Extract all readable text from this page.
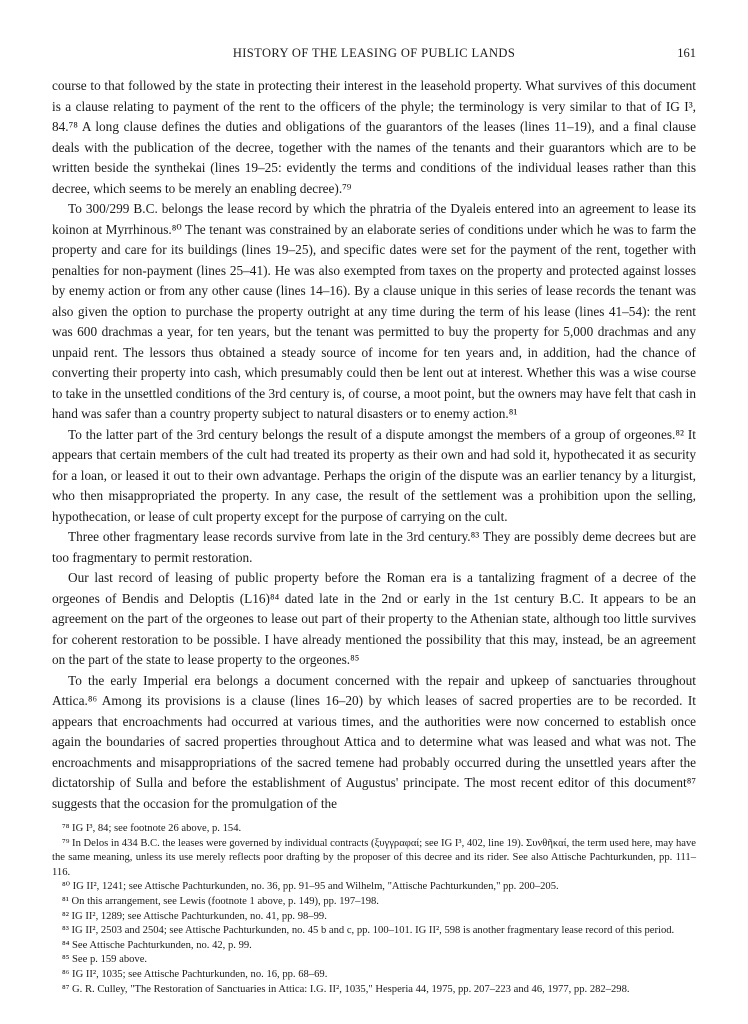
HISTORY OF THE LEASING OF PUBLIC LANDS	161

course to that followed by the state in protecting their interest in the leasehold property. What survives of this document is a clause relating to payment of the rent to the officers of the phyle; the terminology is very similar to that of IG I³, 84.⁷⁸ A long clause defines the duties and obligations of the guarantors of the leases (lines 11–19), and a final clause deals with the publication of the decree, together with the names of the tenants and their guarantors which are to be written beside the synthekai (lines 19–25: evidently the terms and conditions of the individual leases rather than this decree, which seems to be merely an enabling decree).⁷⁹

To 300/299 B.C. belongs the lease record by which the phratria of the Dyaleis entered into an agreement to lease its koinon at Myrrhinous.⁸⁰ The tenant was constrained by an elaborate series of conditions under which he was to farm the property and care for its buildings (lines 19–25), and specific dates were set for the payment of the rent, together with penalties for non-payment (lines 25–41). He was also exempted from taxes on the property and protected against losses by enemy action or from any other cause (lines 14–16). By a clause unique in this series of lease records the tenant was also given the option to purchase the property outright at any time during the term of his lease (lines 41–54): the rent was 600 drachmas a year, for ten years, but the tenant was permitted to buy the property for 5,000 drachmas and any unpaid rent. The lessors thus obtained a steady source of income for ten years and, in addition, had the chance of converting their property into cash, which presumably could then be lent out at interest. Whether this was a wise course to take in the unsettled conditions of the 3rd century is, of course, a moot point, but the owners may have felt that cash in hand was safer than a country property subject to natural disasters or to enemy action.⁸¹

To the latter part of the 3rd century belongs the result of a dispute amongst the members of a group of orgeones.⁸² It appears that certain members of the cult had treated its property as their own and had sold it, hypothecated it as security for a loan, or leased it out to their own advantage. Perhaps the origin of the dispute was an earlier tenancy by a liturgist, who then misappropriated the property. In any case, the result of the settlement was a prohibition upon the selling, hypothecation, or lease of cult property except for the purpose of carrying on the cult.

Three other fragmentary lease records survive from late in the 3rd century.⁸³ They are possibly deme decrees but are too fragmentary to permit restoration.

Our last record of leasing of public property before the Roman era is a tantalizing fragment of a decree of the orgeones of Bendis and Deloptis (L16)⁸⁴ dated late in the 2nd or early in the 1st century B.C. It appears to be an agreement on the part of the orgeones to lease out part of their property to the Athenian state, although too little survives for coherent restoration to be possible. I have already mentioned the possibility that this may, instead, be an agreement on the part of the state to lease property to the orgeones.⁸⁵

To the early Imperial era belongs a document concerned with the repair and upkeep of sanctuaries throughout Attica.⁸⁶ Among its provisions is a clause (lines 16–20) by which leases of sacred properties are to be recorded. It appears that encroachments had occurred at various times, and the authorities were now concerned to establish once again the boundaries of sacred properties throughout Attica and to determine what was leased and what was not. The encroachments and misappropriations of the sacred temene had probably occurred during the unsettled years after the dictatorship of Sulla and before the establishment of Augustus' principate. The most recent editor of this document⁸⁷ suggests that the occasion for the promulgation of the

⁷⁸ IG I³, 84; see footnote 26 above, p. 154.

⁷⁹ In Delos in 434 B.C. the leases were governed by individual contracts (ξυγγραφαί; see IG I³, 402, line 19). Συνθῆκαί, the term used here, may have the same meaning, unless its use merely reflects poor drafting by the proposer of this decree and its rider. See also Attische Pachturkunden, pp. 111–116.

⁸⁰ IG II², 1241; see Attische Pachturkunden, no. 36, pp. 91–95 and Wilhelm, "Attische Pachturkunden," pp. 200–205.

⁸¹ On this arrangement, see Lewis (footnote 1 above, p. 149), pp. 197–198.

⁸² IG II², 1289; see Attische Pachturkunden, no. 41, pp. 98–99.

⁸³ IG II², 2503 and 2504; see Attische Pachturkunden, no. 45 b and c, pp. 100–101. IG II², 598 is another fragmentary lease record of this period.

⁸⁴ See Attische Pachturkunden, no. 42, p. 99.

⁸⁵ See p. 159 above.

⁸⁶ IG II², 1035; see Attische Pachturkunden, no. 16, pp. 68–69.

⁸⁷ G. R. Culley, "The Restoration of Sanctuaries in Attica: I.G. II², 1035," Hesperia 44, 1975, pp. 207–223 and 46, 1977, pp. 282–298.
